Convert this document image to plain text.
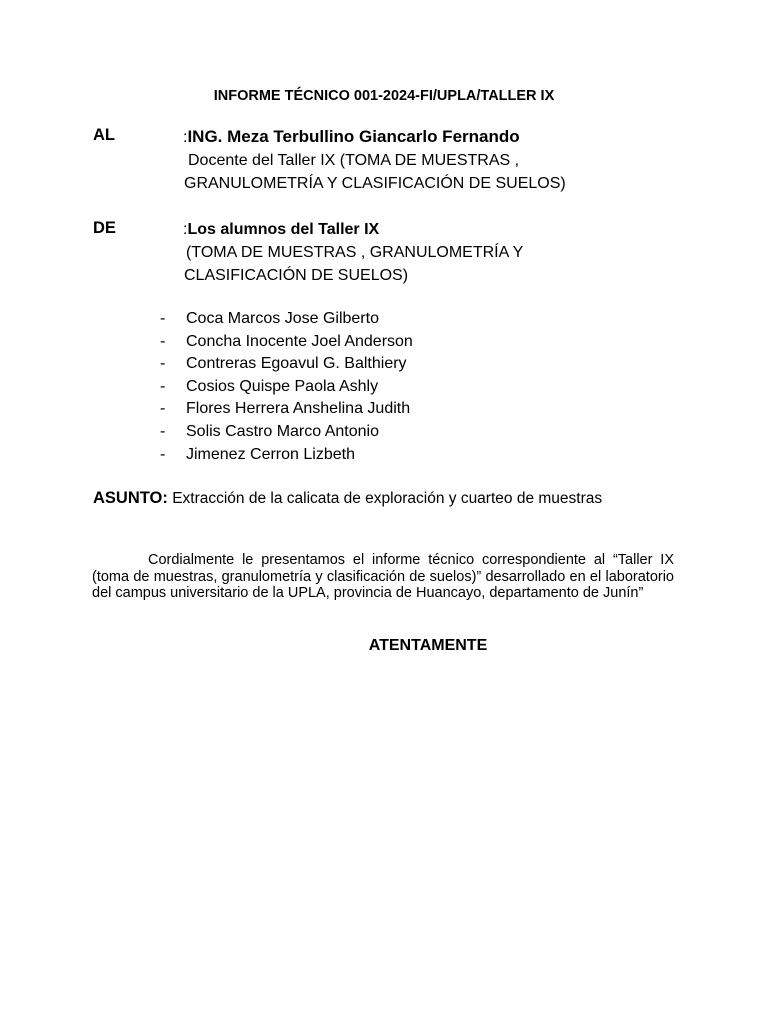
INFORME TÉCNICO 001-2024-FI/UPLA/TALLER IX
AL	:ING. Meza Terbullino Giancarlo Fernando
Docente del Taller IX (TOMA DE MUESTRAS ,
GRANULOMETRÍA Y CLASIFICACIÓN DE SUELOS)
DE	:Los alumnos del Taller IX
(TOMA DE MUESTRAS , GRANULOMETRÍA Y
CLASIFICACIÓN DE SUELOS)
- Coca Marcos Jose Gilberto
- Concha Inocente Joel Anderson
- Contreras Egoavul G. Balthiery
- Cosios Quispe Paola Ashly
- Flores Herrera Anshelina Judith
- Solis Castro Marco Antonio
- Jimenez Cerron Lizbeth
ASUNTO: Extracción de la calicata de exploración y cuarteo de muestras
Cordialmente le presentamos el informe técnico correspondiente al “Taller IX (toma de muestras, granulometría y clasificación de suelos)” desarrollado en el laboratorio del campus universitario de la UPLA, provincia de Huancayo, departamento de Junín”
ATENTAMENTE
